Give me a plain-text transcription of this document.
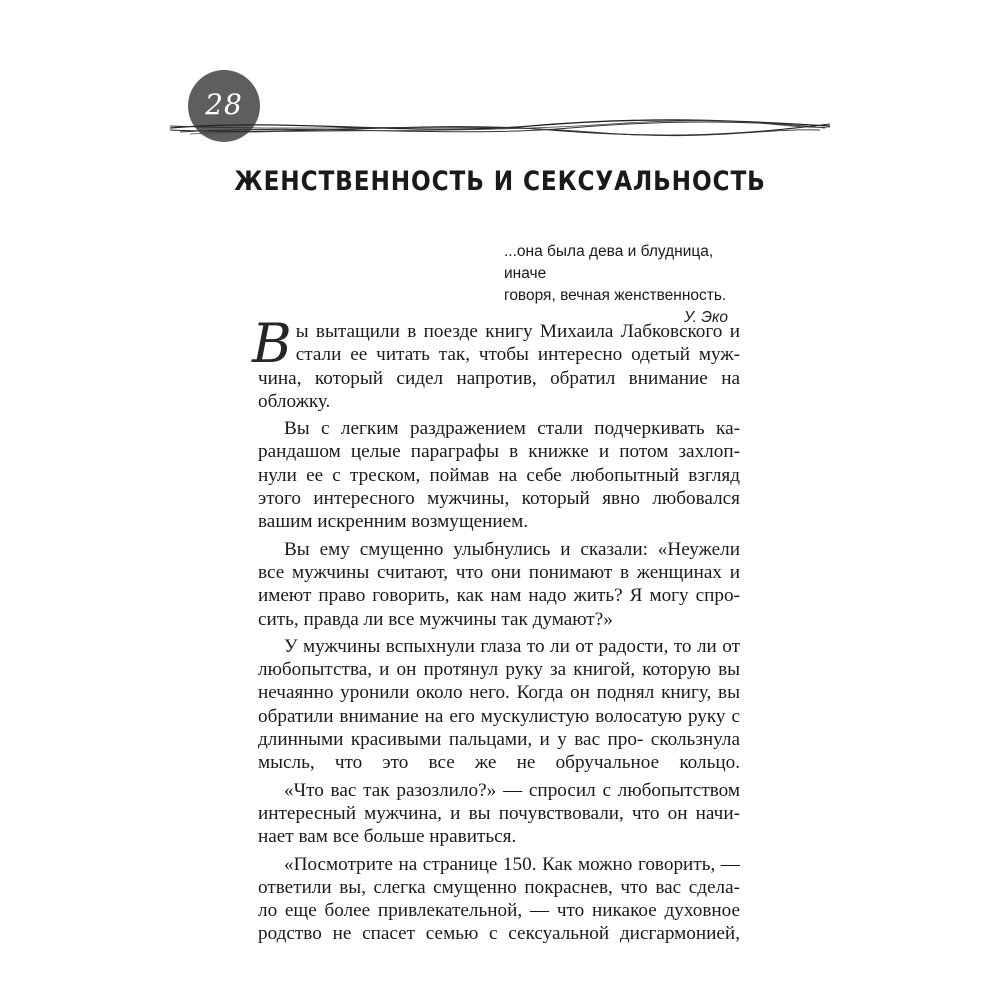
28
ЖЕНСТВЕННОСТЬ И СЕКСУАЛЬНОСТЬ
...она была дева и блудница, иначе
говоря, вечная женственность.
У. Эко

Вы вытащили в поезде книгу Михаила Лабковского и стали ее читать так, чтобы интересно одетый муж- чина, который сидел напротив, обратил внимание на обложку.

Вы с легким раздражением стали подчеркивать ка- рандашом целые параграфы в книжке и потом захлоп- нули ее с треском, поймав на себе любопытный взгляд этого интересного мужчины, который явно любовался вашим искренним возмущением.

Вы ему смущенно улыбнулись и сказали: «Неужели все мужчины считают, что они понимают в женщинах и имеют право говорить, как нам надо жить? Я могу спро- сить, правда ли все мужчины так думают?»

У мужчины вспыхнули глаза то ли от радости, то ли от любопытства, и он протянул руку за книгой, которую вы нечаянно уронили около него. Когда он поднял книгу, вы обратили внимание на его мускулистую волосатую руку с длинными красивыми пальцами, и у вас про- скользнула мысль, что это все же не обручальное кольцо.

«Что вас так разозлило?» — спросил с любопытством интересный мужчина, и вы почувствовали, что он начи- нает вам все больше нравиться.

«Посмотрите на странице 150. Как можно говорить, — ответили вы, слегка смущенно покраснев, что вас сдела- ло еще более привлекательной, — что никакое духовное родство не спасет семью с сексуальной дисгармонией,
